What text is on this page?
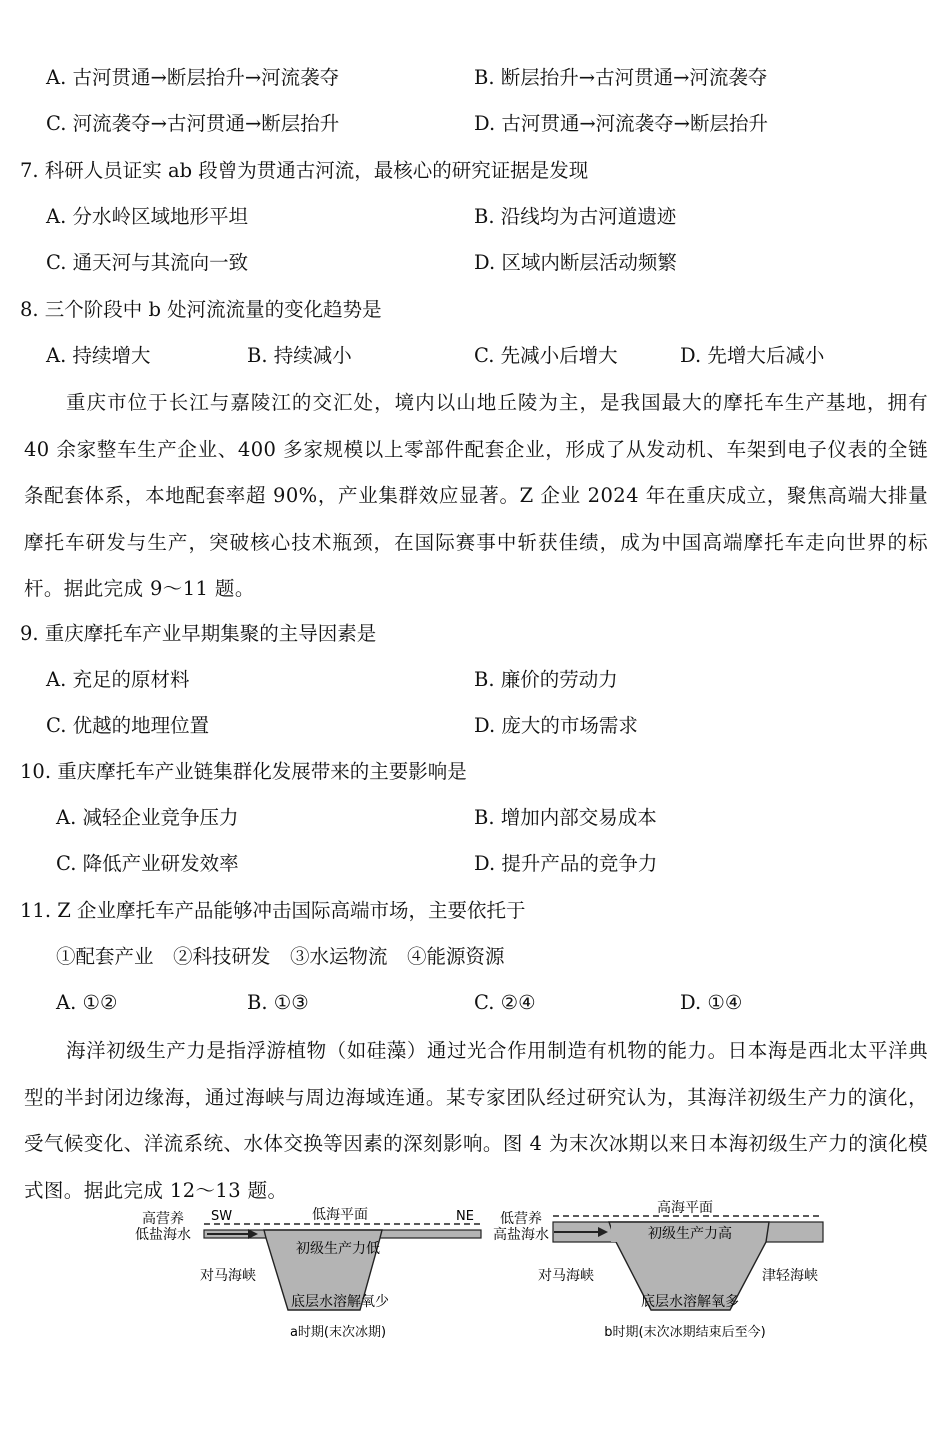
A. 古河贯通→断层抬升→河流袭夺	B. 断层抬升→古河贯通→河流袭夺
C. 河流袭夺→古河贯通→断层抬升	D. 古河贯通→河流袭夺→断层抬升
7. 科研人员证实 ab 段曾为贯通古河流，最核心的研究证据是发现
A. 分水岭区域地形平坦	B. 沿线均为古河道遗迹
C. 通天河与其流向一致	D. 区域内断层活动频繁
8. 三个阶段中 b 处河流流量的变化趋势是
A. 持续增大	B. 持续减小	C. 先减小后增大	D. 先增大后减小

重庆市位于长江与嘉陵江的交汇处，境内以山地丘陵为主，是我国最大的摩托车生产基地，拥有 40 余家整车生产企业、400 多家规模以上零部件配套企业，形成了从发动机、车架到电子仪表的全链条配套体系，本地配套率超 90%，产业集群效应显著。Z 企业 2024 年在重庆成立，聚焦高端大排量摩托车研发与生产，突破核心技术瓶颈，在国际赛事中斩获佳绩，成为中国高端摩托车走向世界的标杆。据此完成 9～11 题。

9. 重庆摩托车产业早期集聚的主导因素是
A. 充足的原材料	B. 廉价的劳动力
C. 优越的地理位置	D. 庞大的市场需求
10. 重庆摩托车产业链集群化发展带来的主要影响是
A. 减轻企业竞争压力	B. 增加内部交易成本
C. 降低产业研发效率	D. 提升产品的竞争力
11. Z 企业摩托车产品能够冲击国际高端市场，主要依托于
①配套产业　②科技研发　③水运物流　④能源资源
A. ①②	B. ①③	C. ②④	D. ①④

海洋初级生产力是指浮游植物（如硅藻）通过光合作用制造有机物的能力。日本海是西北太平洋典型的半封闭边缘海，通过海峡与周边海域连通。某专家团队经过研究认为，其海洋初级生产力的演化，受气候变化、洋流系统、水体交换等因素的深刻影响。图 4 为末次冰期以来日本海初级生产力的演化模式图。据此完成 12～13 题。

高营养
低盐海水
SW	NE
低海平面
初级生产力低
对马海峡
底层水溶解氧少
a时期(末次冰期)
低营养
高盐海水
高海平面
初级生产力高
对马海峡	津轻海峡
底层水溶解氧多
b时期(末次冰期结束后至今)
